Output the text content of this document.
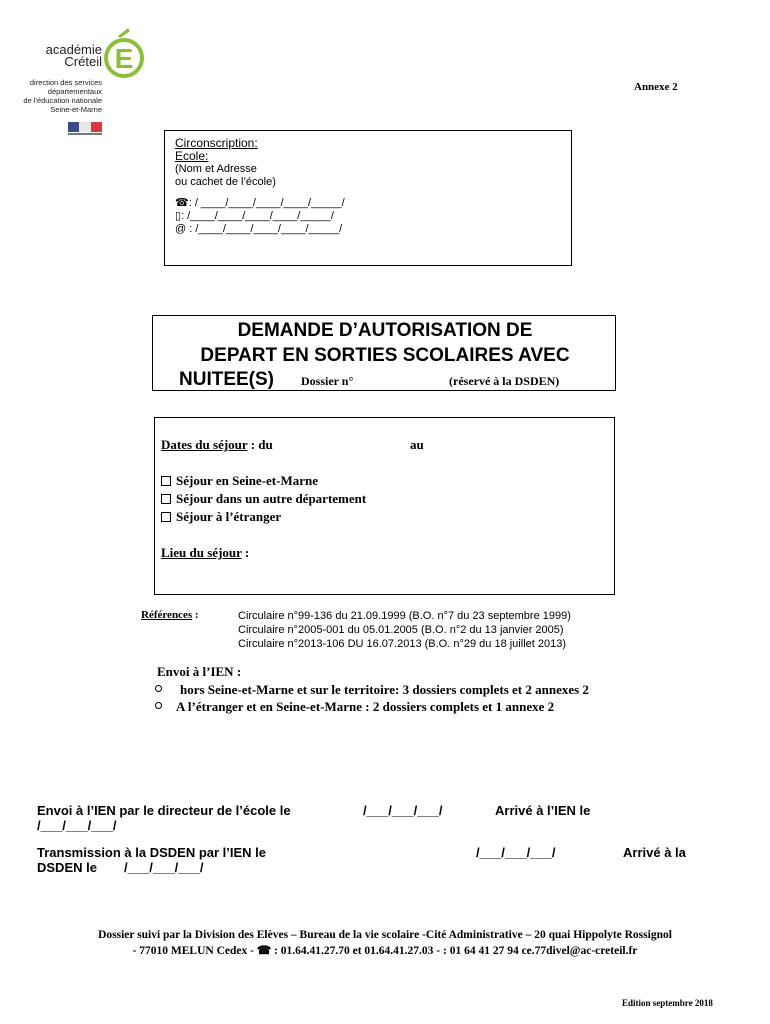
E
académie
Créteil
direction des services
départementaux
de l'éducation nationale
Seine-et-Marne
Annexe 2
Circonscription:
Ecole:
(Nom et Adresse
ou cachet de l’école)
☎: / ____/____/____/____/_____/
▯: /____/____/____/____/_____/
@ : /____/____/____/____/_____/
DEMANDE D’AUTORISATION DE
DEPART EN SORTIES SCOLAIRES AVEC
NUITEE(S) Dossier n°	(réservé à la DSDEN)
Dates du séjour : du	au
Séjour en Seine-et-Marne
Séjour dans un autre département
Séjour à l’étranger
Lieu du séjour :
Références :	Circulaire n°99-136 du 21.09.1999 (B.O. n°7 du 23 septembre 1999)
Circulaire n°2005-001 du 05.01.2005 (B.O. n°2 du 13 janvier 2005)
Circulaire n°2013-106 DU 16.07.2013 (B.O. n°29 du 18 juillet 2013)
Envoi à l’IEN :
hors Seine-et-Marne et sur le territoire: 3 dossiers complets et 2 annexes 2
A l’étranger et en Seine-et-Marne : 2 dossiers complets et 1 annexe 2
Envoi à l’IEN par le directeur de l’école le	/___/___/___/	Arrivé à l’IEN le
/___/___/___/
Transmission à la DSDEN par l’IEN le	/___/___/___/	Arrivé à la
DSDEN le /___/___/___/
Dossier suivi par la Division des Elèves – Bureau de la vie scolaire -Cité Administrative – 20 quai Hippolyte Rossignol
- 77010 MELUN Cedex - ☎ : 01.64.41.27.70 et 01.64.41.27.03 - : 01 64 41 27 94 ce.77divel@ac-creteil.fr
Edition septembre 2018
